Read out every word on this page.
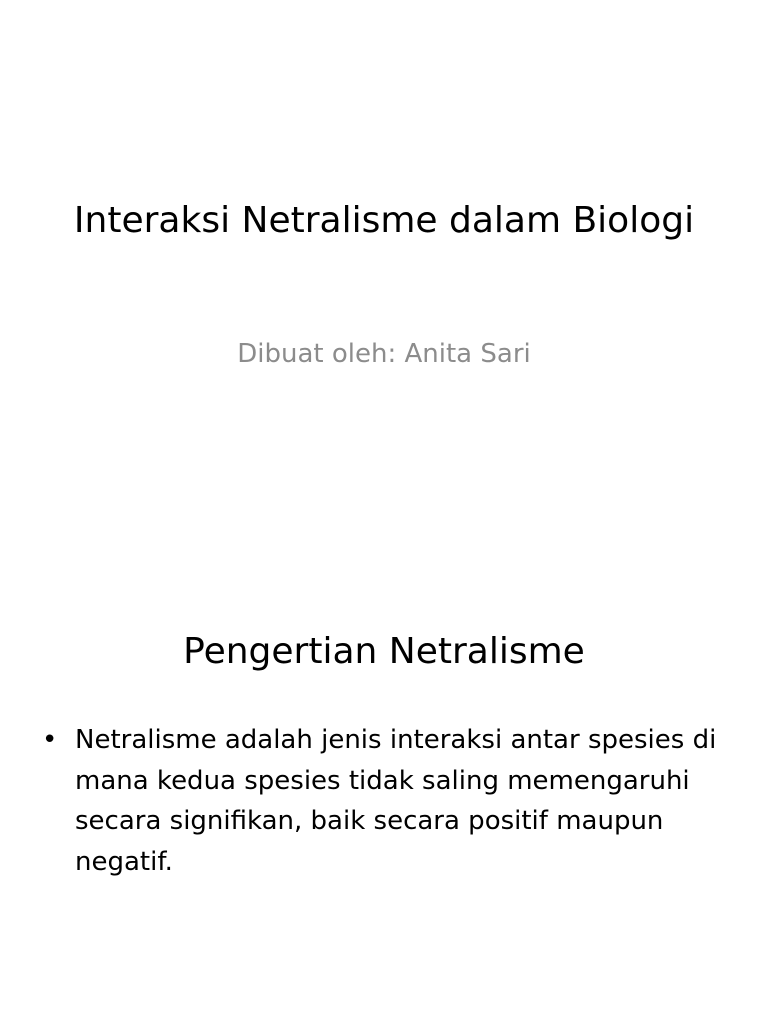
Interaksi Netralisme dalam Biologi

Dibuat oleh: Anita Sari

Pengertian Netralisme
• Netralisme adalah jenis interaksi antar spesies di mana kedua spesies tidak saling memengaruhi secara signifikan, baik secara positif maupun negatif.
